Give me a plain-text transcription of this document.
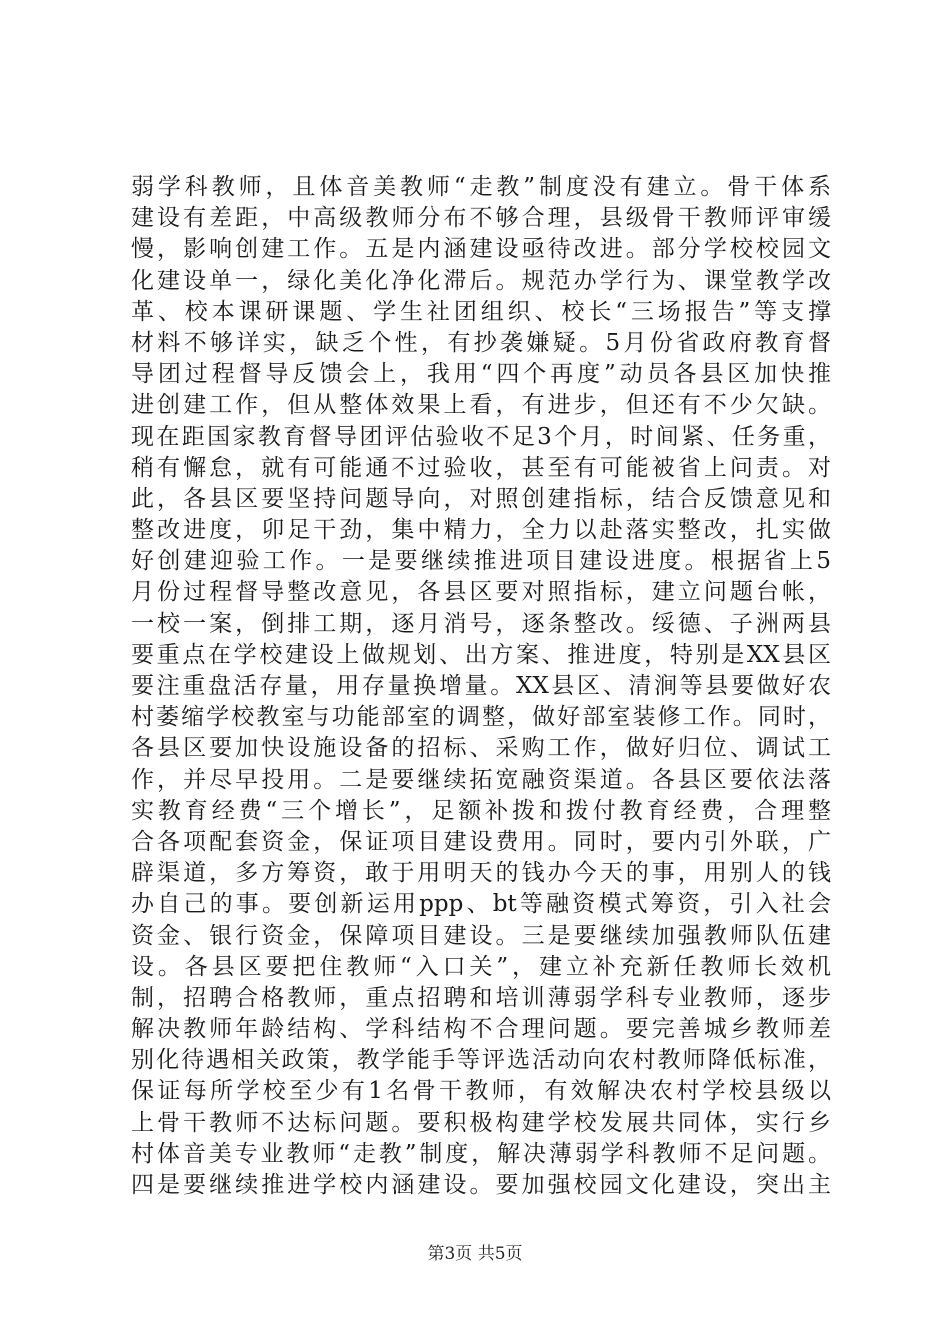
弱学科教师，且体音美教师“走教”制度没有建立。骨干体系
建设有差距，中高级教师分布不够合理，县级骨干教师评审缓
慢，影响创建工作。五是内涵建设亟待改进。部分学校校园文
化建设单一，绿化美化净化滞后。规范办学行为、课堂教学改
革、校本课研课题、学生社团组织、校长“三场报告”等支撑
材料不够详实，缺乏个性，有抄袭嫌疑。5月份省政府教育督
导团过程督导反馈会上，我用“四个再度”动员各县区加快推
进创建工作，但从整体效果上看，有进步，但还有不少欠缺。
现在距国家教育督导团评估验收不足3个月，时间紧、任务重，
稍有懈怠，就有可能通不过验收，甚至有可能被省上问责。对
此，各县区要坚持问题导向，对照创建指标，结合反馈意见和
整改进度，卯足干劲，集中精力，全力以赴落实整改，扎实做
好创建迎验工作。一是要继续推进项目建设进度。根据省上5
月份过程督导整改意见，各县区要对照指标，建立问题台帐，
一校一案，倒排工期，逐月消号，逐条整改。绥德、子洲两县
要重点在学校建设上做规划、出方案、推进度，特别是XX县区
要注重盘活存量，用存量换增量。XX县区、清涧等县要做好农
村萎缩学校教室与功能部室的调整，做好部室装修工作。同时，
各县区要加快设施设备的招标、采购工作，做好归位、调试工
作，并尽早投用。二是要继续拓宽融资渠道。各县区要依法落
实教育经费“三个增长”，足额补拨和拨付教育经费，合理整
合各项配套资金，保证项目建设费用。同时，要内引外联，广
辟渠道，多方筹资，敢于用明天的钱办今天的事，用别人的钱
办自己的事。要创新运用ppp、bt等融资模式筹资，引入社会
资金、银行资金，保障项目建设。三是要继续加强教师队伍建
设。各县区要把住教师“入口关”，建立补充新任教师长效机
制，招聘合格教师，重点招聘和培训薄弱学科专业教师，逐步
解决教师年龄结构、学科结构不合理问题。要完善城乡教师差
别化待遇相关政策，教学能手等评选活动向农村教师降低标准，
保证每所学校至少有1名骨干教师，有效解决农村学校县级以
上骨干教师不达标问题。要积极构建学校发展共同体，实行乡
村体音美专业教师“走教”制度，解决薄弱学科教师不足问题。
四是要继续推进学校内涵建设。要加强校园文化建设，突出主
第3页 共5页
